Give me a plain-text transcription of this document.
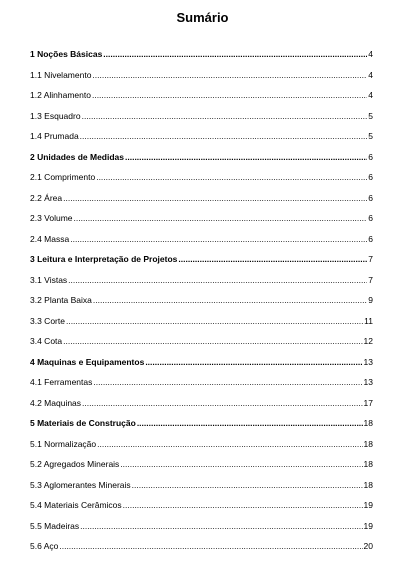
Sumário
1 Noções Básicas .....	4
1.1 Nivelamento .....	4
1.2 Alinhamento .....	4
1.3 Esquadro .....	5
1.4 Prumada .....	5
2 Unidades de Medidas .....	6
2.1 Comprimento .....	6
2.2 Área .....	6
2.3 Volume .....	6
2.4 Massa .....	6
3 Leitura e Interpretação de Projetos .....	7
3.1 Vistas .....	7
3.2 Planta Baixa .....	9
3.3 Corte .....	11
3.4 Cota .....	12
4 Maquinas e Equipamentos .....	13
4.1 Ferramentas .....	13
4.2 Maquinas .....	17
5 Materiais de Construção .....	18
5.1 Normalização .....	18
5.2 Agregados Minerais .....	18
5.3 Aglomerantes Minerais .....	18
5.4 Materiais Cerâmicos .....	19
5.5 Madeiras .....	19
5.6 Aço .....	20
